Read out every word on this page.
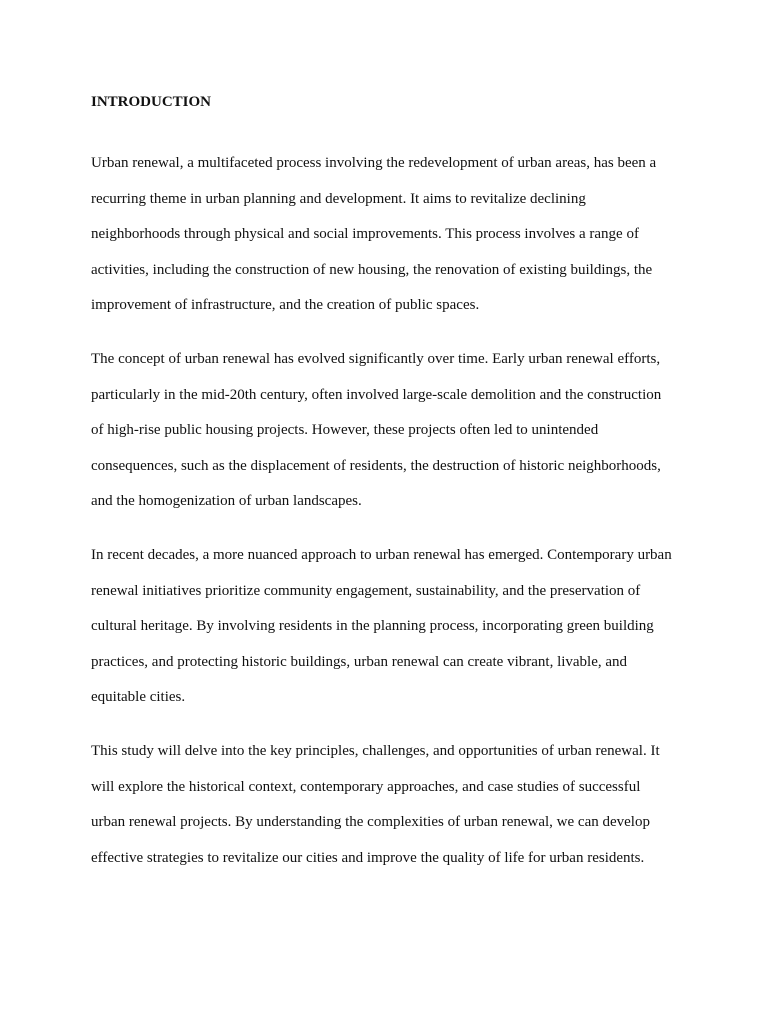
INTRODUCTION
Urban renewal, a multifaceted process involving the redevelopment of urban areas, has been a
recurring theme in urban planning and development. It aims to revitalize declining
neighborhoods through physical and social improvements. This process involves a range of
activities, including the construction of new housing, the renovation of existing buildings, the
improvement of infrastructure, and the creation of public spaces.
The concept of urban renewal has evolved significantly over time. Early urban renewal efforts,
particularly in the mid-20th century, often involved large-scale demolition and the construction
of high-rise public housing projects. However, these projects often led to unintended
consequences, such as the displacement of residents, the destruction of historic neighborhoods,
and the homogenization of urban landscapes.
In recent decades, a more nuanced approach to urban renewal has emerged. Contemporary urban
renewal initiatives prioritize community engagement, sustainability, and the preservation of
cultural heritage. By involving residents in the planning process, incorporating green building
practices, and protecting historic buildings, urban renewal can create vibrant, livable, and
equitable cities.
This study will delve into the key principles, challenges, and opportunities of urban renewal. It
will explore the historical context, contemporary approaches, and case studies of successful
urban renewal projects. By understanding the complexities of urban renewal, we can develop
effective strategies to revitalize our cities and improve the quality of life for urban residents.
